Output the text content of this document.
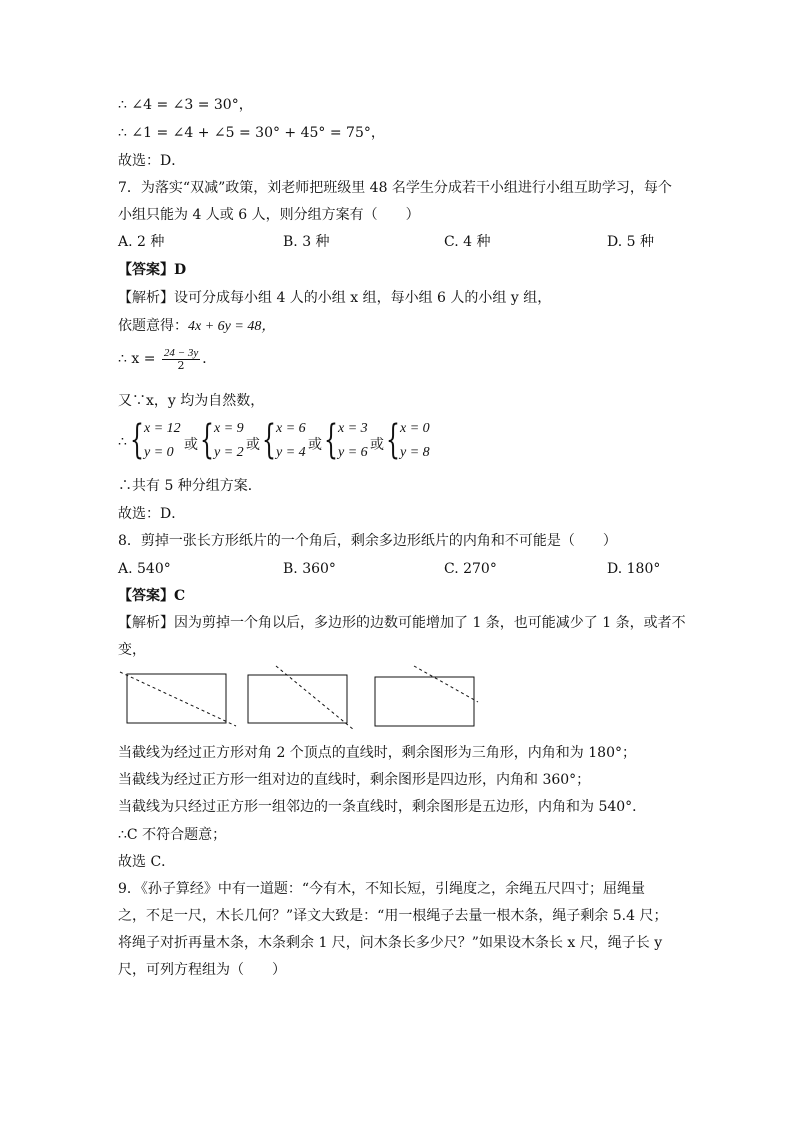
∴ ∠4 = ∠3 = 30°，
∴ ∠1 = ∠4 + ∠5 = 30° + 45° = 75°，
故选：D．
7．为落实“双减”政策，刘老师把班级里 48 名学生分成若干小组进行小组互助学习，每个
小组只能为 4 人或 6 人，则分组方案有（　　）
A. 2 种	B. 3 种	C. 4 种	D. 5 种
【答案】D
【解析】设可分成每小组 4 人的小组 x 组，每小组 6 人的小组 y 组，
依题意得：4x + 6y = 48，
∴ $x = \frac{24 - 3y}{2}$ ．
又∵x，y 均为自然数，
∴ { x = 12
y = 0 或 { x = 9
y = 2 或 { x = 6
y = 4 或 { x = 3
y = 6 或 { x = 0
y = 8
∴共有 5 种分组方案．
故选：D．
8．剪掉一张长方形纸片的一个角后，剩余多边形纸片的内角和不可能是（　　）
A. 540°	B. 360°	C. 270°	D. 180°
【答案】C
【解析】因为剪掉一个角以后，多边形的边数可能增加了 1 条，也可能减少了 1 条，或者不
变，
当截线为经过正方形对角 2 个顶点的直线时，剩余图形为三角形，内角和为 180°；
当截线为经过正方形一组对边的直线时，剩余图形是四边形，内角和 360°；
当截线为只经过正方形一组邻边的一条直线时，剩余图形是五边形，内角和为 540°．
∴C 不符合题意；
故选 C．
9．《孙子算经》中有一道题：“今有木，不知长短，引绳度之，余绳五尺四寸；屈绳量
之，不足一尺，木长几何？”译文大致是：“用一根绳子去量一根木条，绳子剩余 5.4 尺；
将绳子对折再量木条，木条剩余 1 尺，问木条长多少尺？”如果设木条长 x 尺，绳子长 y
尺，可列方程组为（　　）
